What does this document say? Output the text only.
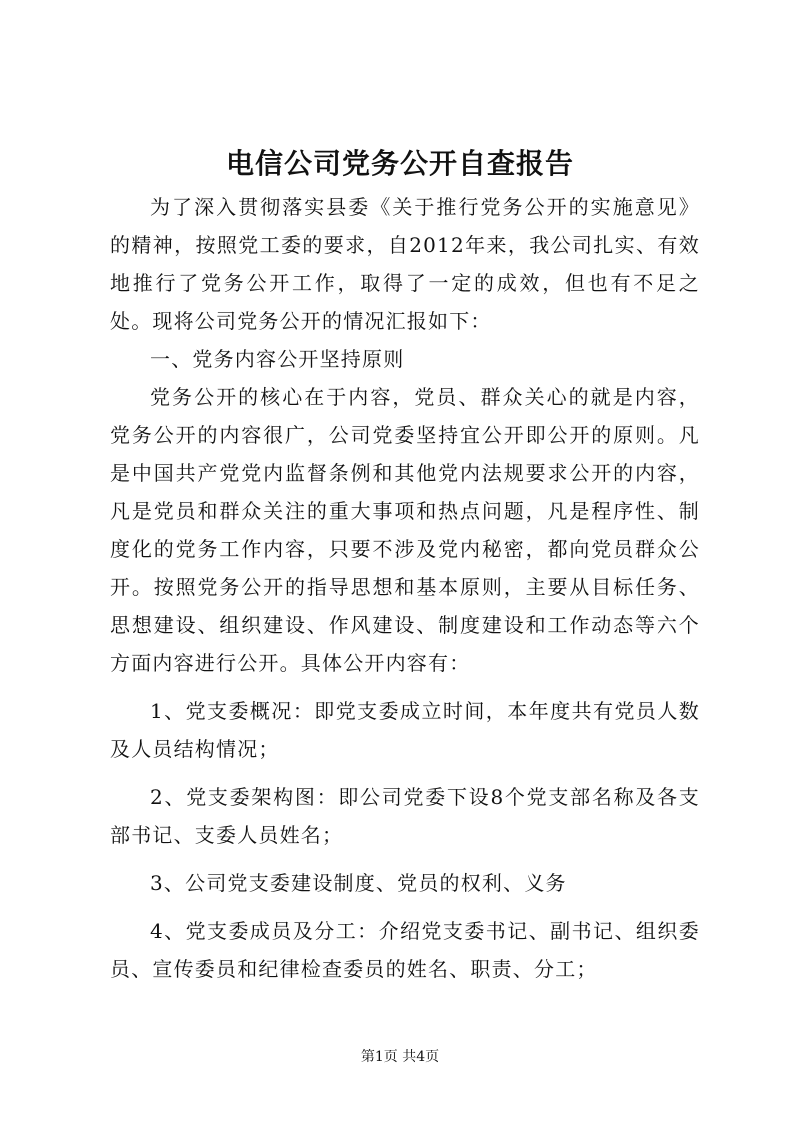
电信公司党务公开自查报告

为了深入贯彻落实县委《关于推行党务公开的实施意见》的精神，按照党工委的要求，自2012年来，我公司扎实、有效地推行了党务公开工作，取得了一定的成效，但也有不足之处。现将公司党务公开的情况汇报如下：

一、党务内容公开坚持原则

党务公开的核心在于内容，党员、群众关心的就是内容，党务公开的内容很广，公司党委坚持宜公开即公开的原则。凡是中国共产党党内监督条例和其他党内法规要求公开的内容，凡是党员和群众关注的重大事项和热点问题，凡是程序性、制度化的党务工作内容，只要不涉及党内秘密，都向党员群众公开。按照党务公开的指导思想和基本原则，主要从目标任务、思想建设、组织建设、作风建设、制度建设和工作动态等六个方面内容进行公开。具体公开内容有：

1、党支委概况：即党支委成立时间，本年度共有党员人数及人员结构情况；

2、党支委架构图：即公司党委下设8个党支部名称及各支部书记、支委人员姓名；

3、公司党支委建设制度、党员的权利、义务

4、党支委成员及分工：介绍党支委书记、副书记、组织委员、宣传委员和纪律检查委员的姓名、职责、分工；

第1页 共4页
